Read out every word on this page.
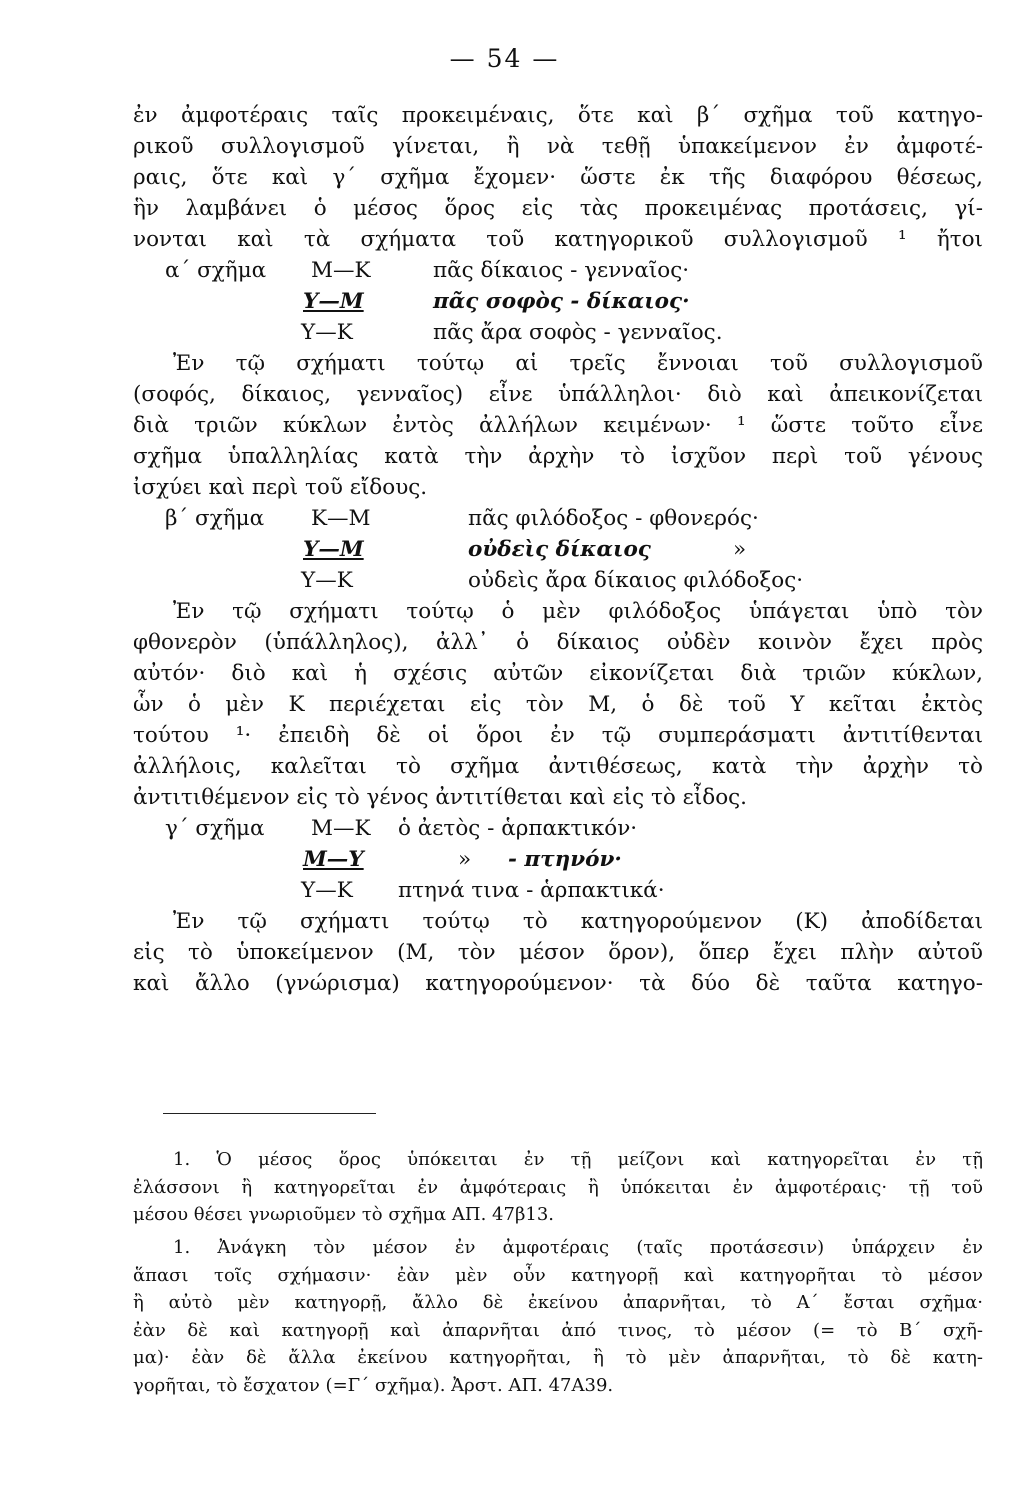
— 54 —
ἐν ἀμφοτέραις ταῖς προκειμέναις, ὅτε καὶ β΄ σχῆμα τοῦ κατηγο-
ρικοῦ συλλογισμοῦ γίνεται, ἢ νὰ τεθῇ ὑπακείμενον ἐν ἀμφοτέ-
ραις, ὅτε καὶ γ΄ σχῆμα ἔχομεν· ὥστε ἐκ τῆς διαφόρου θέσεως,
ἣν λαμβάνει ὁ μέσος ὅρος εἰς τὰς προκειμένας προτάσεις, γί-
νονται καὶ τὰ σχήματα τοῦ κατηγορικοῦ συλλογισμοῦ ¹ ἤτοι
α΄ σχῆμα Μ—Κ	πᾶς δίκαιος - γενναῖος·
Υ—Μ	πᾶς σοφὸς - δίκαιος·
Υ—Κ	πᾶς ἄρα σοφὸς - γενναῖος.
Ἐν τῷ σχήματι τούτῳ αἱ τρεῖς ἔννοιαι τοῦ συλλογισμοῦ
(σοφός, δίκαιος, γενναῖος) εἶνε ὑπάλληλοι· διὸ καὶ ἀπεικονίζεται
διὰ τριῶν κύκλων ἐντὸς ἀλλήλων κειμένων· ¹ ὥστε τοῦτο εἶνε
σχῆμα ὑπαλληλίας κατὰ τὴν ἀρχὴν τὸ ἰσχῦον περὶ τοῦ γένους
ἰσχύει καὶ περὶ τοῦ εἴδους.
β΄ σχῆμα Κ—Μ	πᾶς φιλόδοξος - φθονερός·
Υ—Μ	οὐδεὶς δίκαιος	»
Υ—Κ	οὐδεὶς ἄρα δίκαιος φιλόδοξος·
Ἐν τῷ σχήματι τούτῳ ὁ μὲν φιλόδοξος ὑπάγεται ὑπὸ τὸν
φθονερὸν (ὑπάλληλος), ἀλλ᾽ ὁ δίκαιος οὐδὲν κοινὸν ἔχει πρὸς
αὐτόν· διὸ καὶ ἡ σχέσις αὐτῶν εἰκονίζεται διὰ τριῶν κύκλων,
ὧν ὁ μὲν Κ περιέχεται εἰς τὸν Μ, ὁ δὲ τοῦ Υ κεῖται ἐκτὸς
τούτου ¹· ἐπειδὴ δὲ οἱ ὅροι ἐν τῷ συμπεράσματι ἀντιτίθενται
ἀλλήλοις, καλεῖται τὸ σχῆμα ἀντιθέσεως, κατὰ τὴν ἀρχὴν τὸ
ἀντιτιθέμενον εἰς τὸ γένος ἀντιτίθεται καὶ εἰς τὸ εἶδος.
γ΄ σχῆμα Μ—Κ ὁ ἀετὸς - ἁρπακτικόν·
Μ—Υ	» - πτηνόν·
Υ—Κ πτηνά τινα - ἁρπακτικά·
Ἐν τῷ σχήματι τούτῳ τὸ κατηγορούμενον (Κ) ἀποδίδεται
εἰς τὸ ὑποκείμενον (Μ, τὸν μέσον ὅρον), ὅπερ ἔχει πλὴν αὐτοῦ
καὶ ἄλλο (γνώρισμα) κατηγορούμενον· τὰ δύο δὲ ταῦτα κατηγο-
1. Ὁ μέσος ὅρος ὑπόκειται ἐν τῇ μείζονι καὶ κατηγορεῖται ἐν τῇ
ἐλάσσονι ἢ κατηγορεῖται ἐν ἀμφότεραις ἢ ὑπόκειται ἐν ἀμφοτέραις· τῇ τοῦ
μέσου θέσει γνωριοῦμεν τὸ σχῆμα ΑΠ. 47β13.
1. Ἀνάγκη τὸν μέσον ἐν ἀμφοτέραις (ταῖς προτάσεσιν) ὑπάρχειν ἐν
ἅπασι τοῖς σχήμασιν· ἐὰν μὲν οὖν κατηγορῇ καὶ κατηγορῆται τὸ μέσον
ἢ αὐτὸ μὲν κατηγορῇ, ἄλλο δὲ ἐκείνου ἀπαρνῆται, τὸ Α΄ ἔσται σχῆμα·
ἐὰν δὲ καὶ κατηγορῇ καὶ ἀπαρνῆται ἀπό τινος, τὸ μέσον (= τὸ Β΄ σχῆ-
μα)· ἐὰν δὲ ἄλλα ἐκείνου κατηγορῆται, ἢ τὸ μὲν ἀπαρνῆται, τὸ δὲ κατη-
γορῆται, τὸ ἔσχατον (=Γ΄ σχῆμα). Ἀρστ. ΑΠ. 47Α39.
